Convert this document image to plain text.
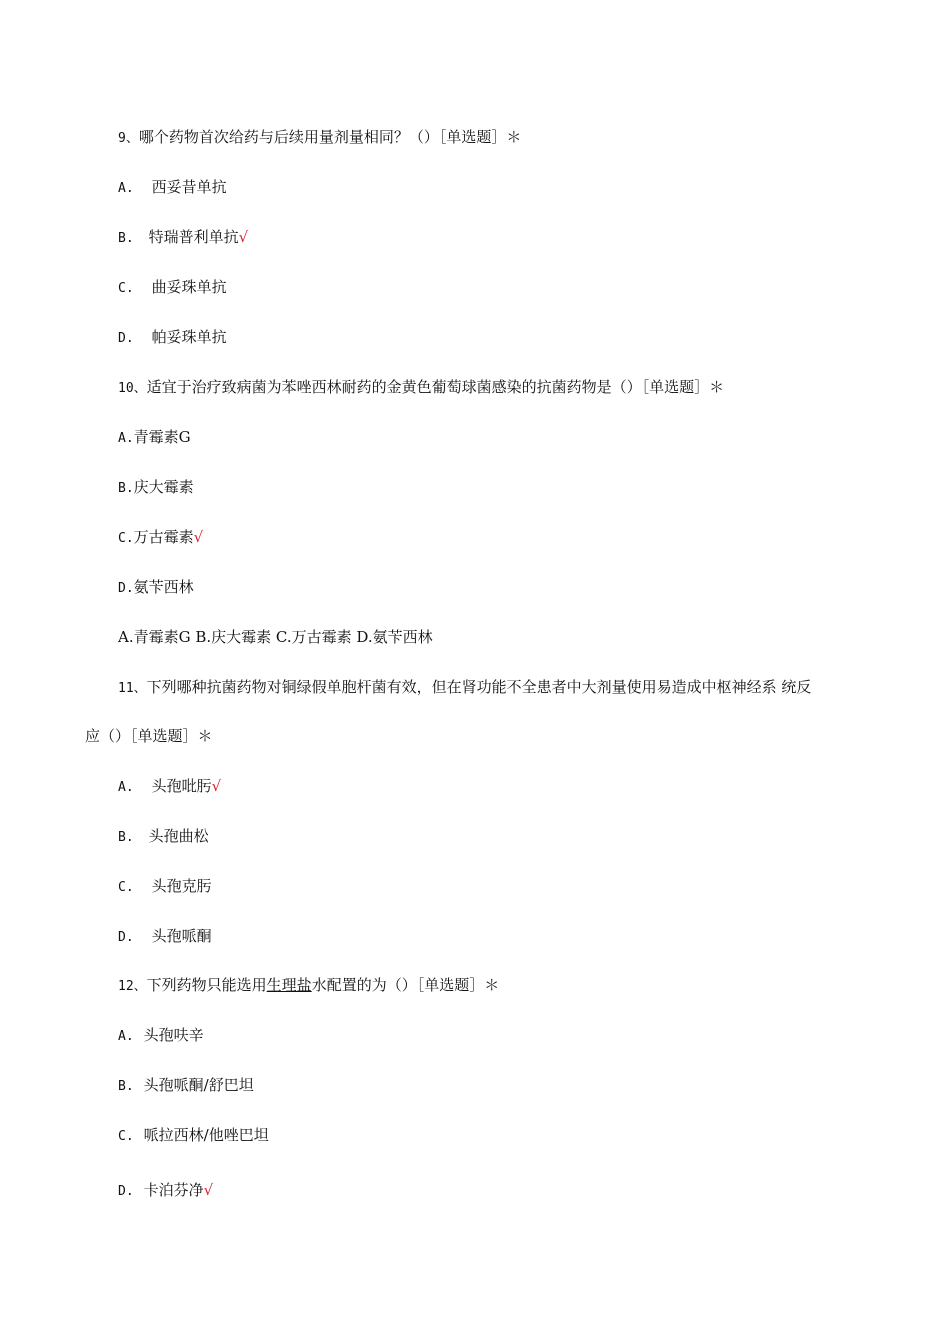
9、哪个药物首次给药与后续用量剂量相同？（）［单选题］＊
A. 西妥昔单抗
B. 特瑞普利单抗√
C. 曲妥珠单抗
D. 帕妥珠单抗
10、适宜于治疗致病菌为苯唑西林耐药的金黄色葡萄球菌感染的抗菌药物是（）［单选题］＊
A.青霉素G
B.庆大霉素
C.万古霉素√
D.氨苄西林
A.青霉素G B.庆大霉素 C.万古霉素 D.氨苄西林
11、下列哪种抗菌药物对铜绿假单胞杆菌有效，但在肾功能不全患者中大剂量使用易造成中枢神经系 统反
应（）［单选题］＊
A. 头孢吡肟√
B. 头孢曲松
C. 头孢克肟
D. 头孢哌酮
12、下列药物只能选用生理盐水配置的为（）［单选题］＊
A. 头孢呋辛
B. 头孢哌酮/舒巴坦
C. 哌拉西林/他唑巴坦
D. 卡泊芬净√
